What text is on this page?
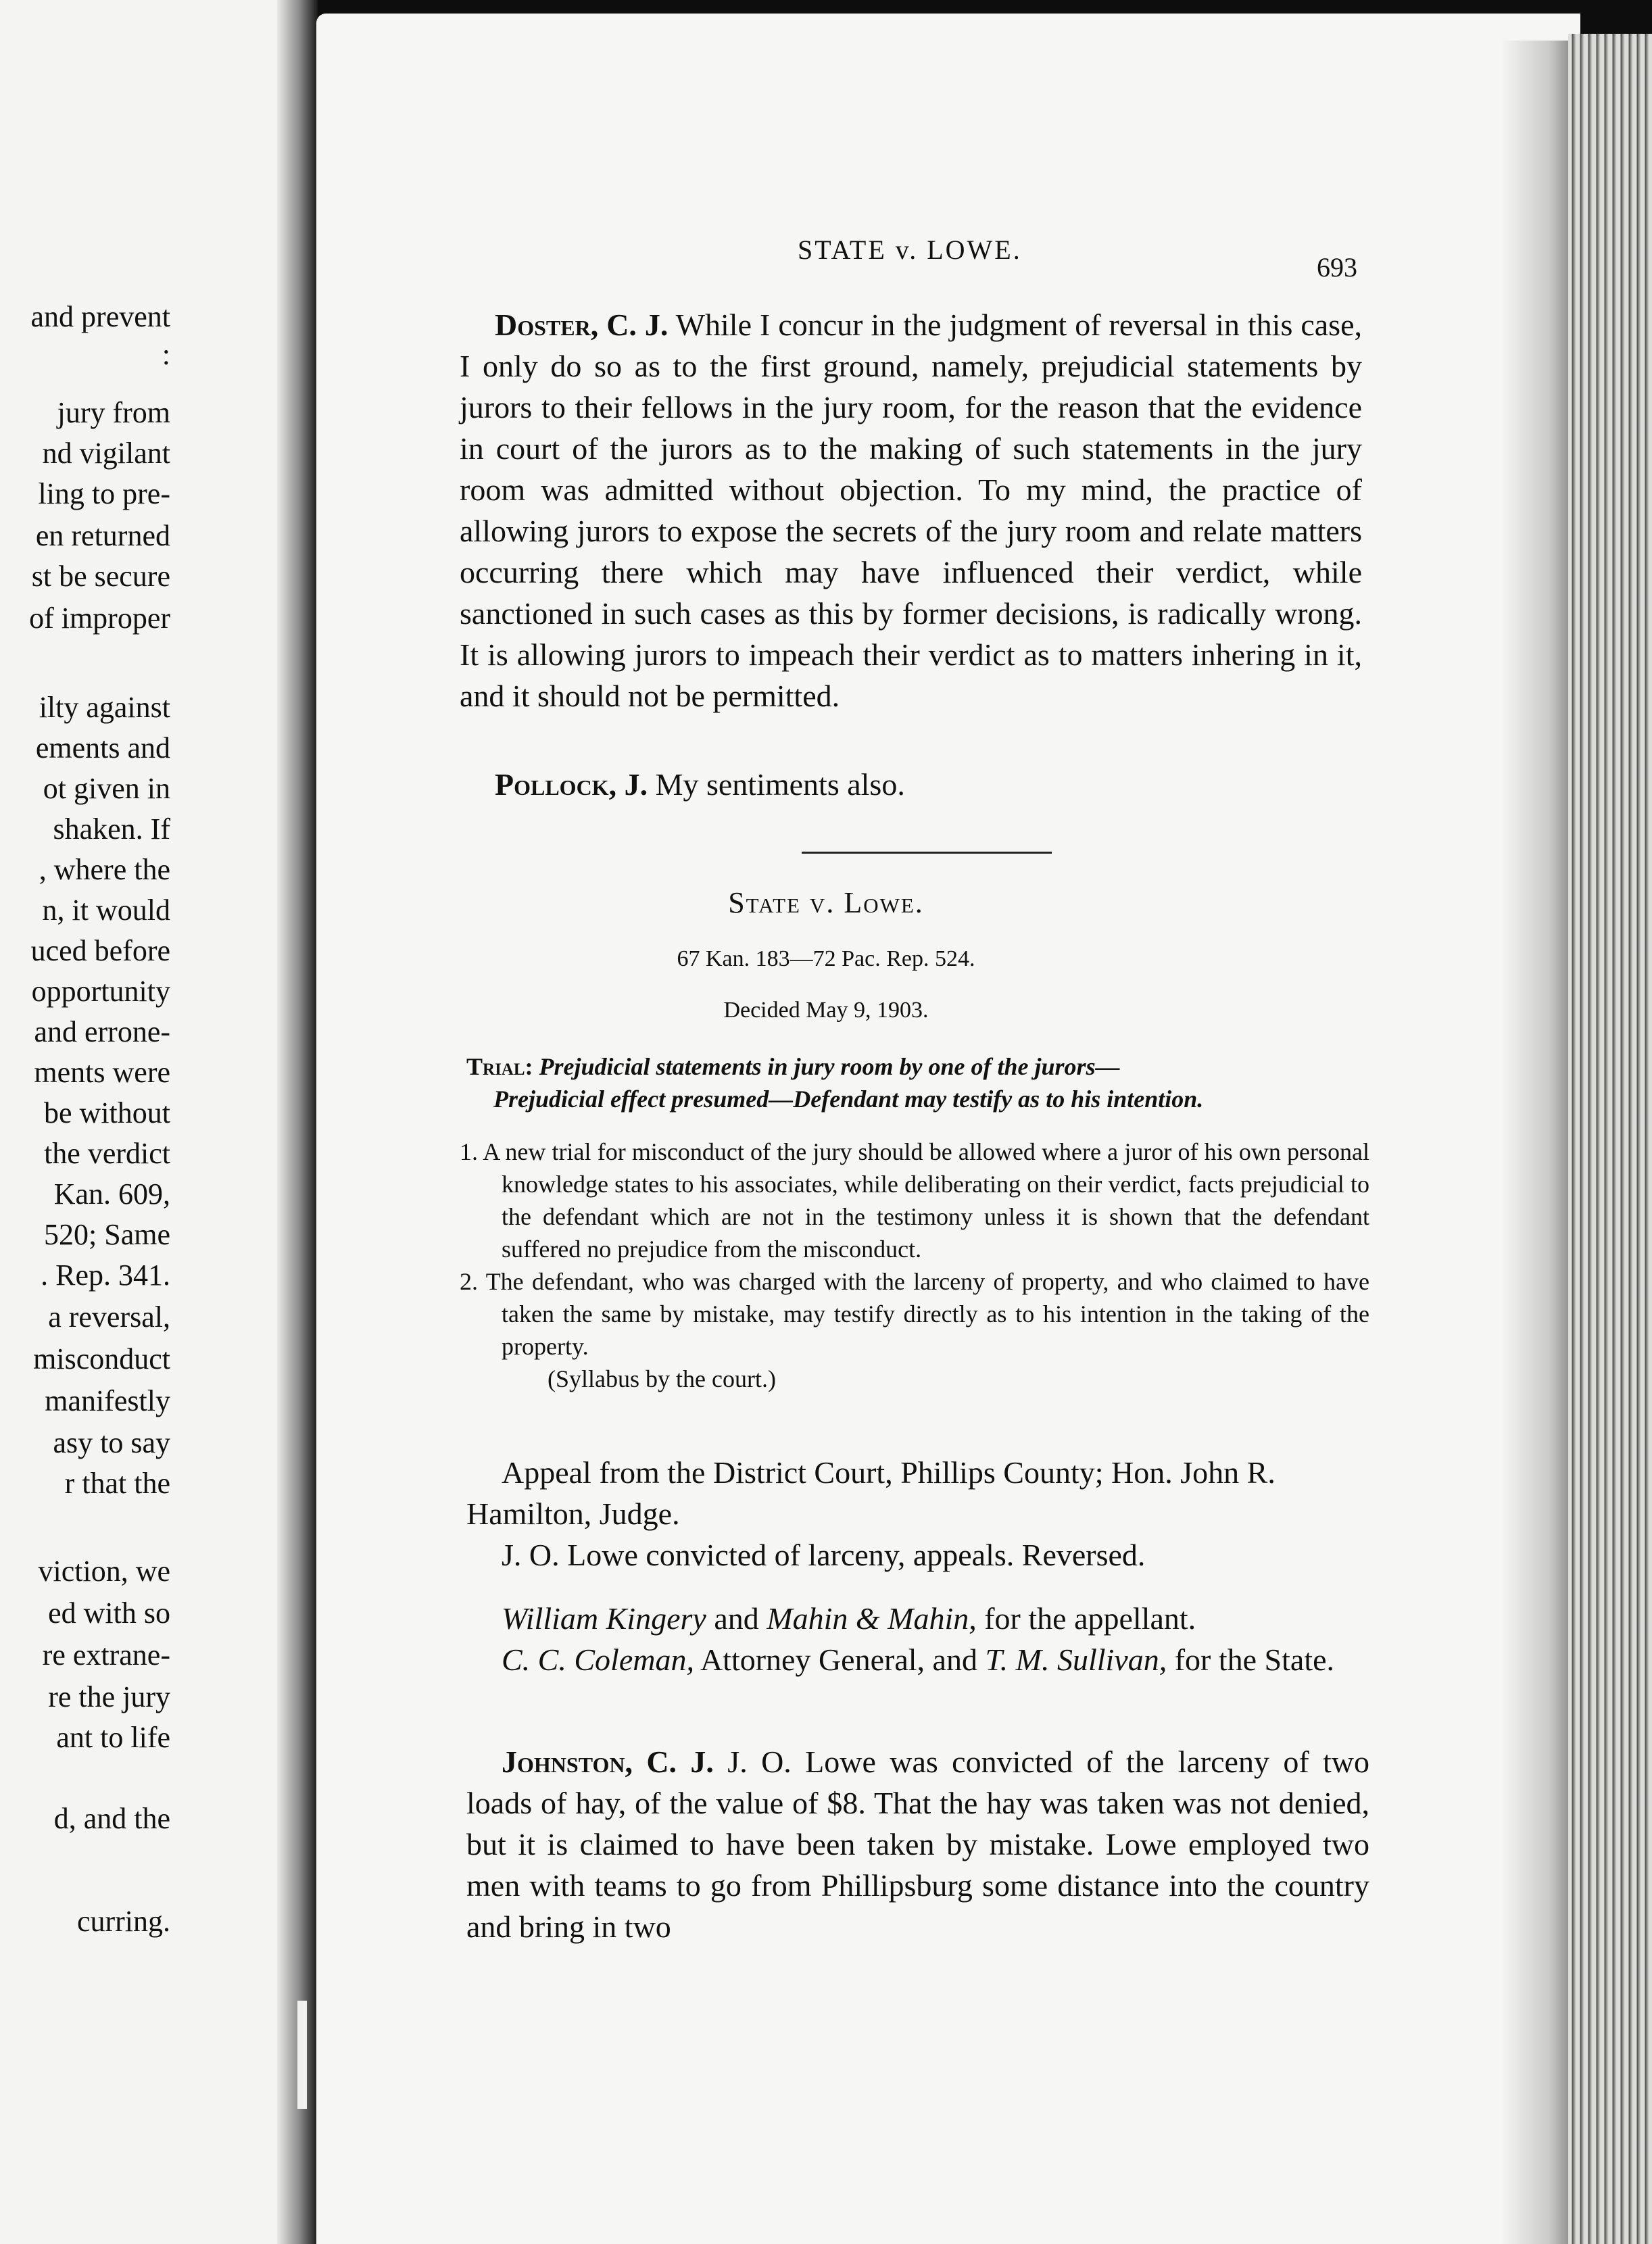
and prevent
:
jury from
nd vigilant
ling to pre-
en returned
st be secure
of improper
ilty against
ements and
ot given in
shaken. If
, where the
n, it would
uced before
opportunity
and errone-
ments were
be without
the verdict
Kan. 609,
520; Same
. Rep. 341.
a reversal,
misconduct
manifestly
asy to say
r that the
viction, we
ed with so
re extrane-
re the jury
ant to life
d, and the
curring.
STATE v. LOWE.
693
Doster, C. J. While I concur in the judgment of reversal in this case, I only do so as to the first ground, namely, prejudicial statements by jurors to their fellows in the jury room, for the reason that the evidence in court of the jurors as to the making of such statements in the jury room was admitted without objection. To my mind, the practice of allowing jurors to expose the secrets of the jury room and relate matters occurring there which may have influenced their verdict, while sanctioned in such cases as this by former decisions, is radically wrong. It is allowing jurors to impeach their verdict as to matters inhering in it, and it should not be permitted.
Pollock, J. My sentiments also.
State v. Lowe.
67 Kan. 183—72 Pac. Rep. 524.
Decided May 9, 1903.
Trial: Prejudicial statements in jury room by one of the jurors—
Prejudicial effect presumed—Defendant may testify as to his intention.
1. A new trial for misconduct of the jury should be allowed where a juror of his own personal knowledge states to his associates, while deliberating on their verdict, facts prejudicial to the defendant which are not in the testimony unless it is shown that the defendant suffered no prejudice from the misconduct.
2. The defendant, who was charged with the larceny of property, and who claimed to have taken the same by mistake, may testify directly as to his intention in the taking of the property.
(Syllabus by the court.)
Appeal from the District Court, Phillips County; Hon. John R. Hamilton, Judge.
J. O. Lowe convicted of larceny, appeals. Reversed.
William Kingery and Mahin & Mahin, for the appellant.
C. C. Coleman, Attorney General, and T. M. Sullivan, for the State.
Johnston, C. J. J. O. Lowe was convicted of the larceny of two loads of hay, of the value of $8. That the hay was taken was not denied, but it is claimed to have been taken by mistake. Lowe employed two men with teams to go from Phillipsburg some distance into the country and bring in two
